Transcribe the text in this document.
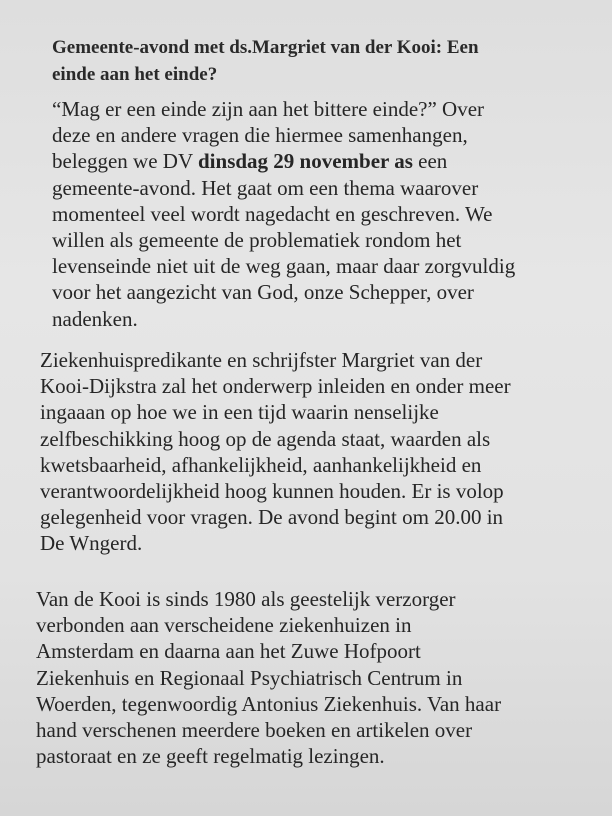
Gemeente-avond met ds.Margriet van der Kooi: Een
einde aan het einde?

“Mag er een einde zijn aan het bittere einde?” Over
deze en andere vragen die hiermee samenhangen,
beleggen we DV dinsdag 29 november as een
gemeente-avond. Het gaat om een thema waarover
momenteel veel wordt nagedacht en geschreven. We
willen als gemeente de problematiek rondom het
levenseinde niet uit de weg gaan, maar daar zorgvuldig
voor het aangezicht van God, onze Schepper, over
nadenken.

Ziekenhuispredikante en schrijfster Margriet van der
Kooi-Dijkstra zal het onderwerp inleiden en onder meer
ingaaan op hoe we in een tijd waarin nenselijke
zelfbeschikking hoog op de agenda staat, waarden als
kwetsbaarheid, afhankelijkheid, aanhankelijkheid en
verantwoordelijkheid hoog kunnen houden. Er is volop
gelegenheid voor vragen. De avond begint om 20.00 in
De Wngerd.

Van de Kooi is sinds 1980 als geestelijk verzorger
verbonden aan verscheidene ziekenhuizen in
Amsterdam en daarna aan het Zuwe Hofpoort
Ziekenhuis en Regionaal Psychiatrisch Centrum in
Woerden, tegenwoordig Antonius Ziekenhuis. Van haar
hand verschenen meerdere boeken en artikelen over
pastoraat en ze geeft regelmatig lezingen.
